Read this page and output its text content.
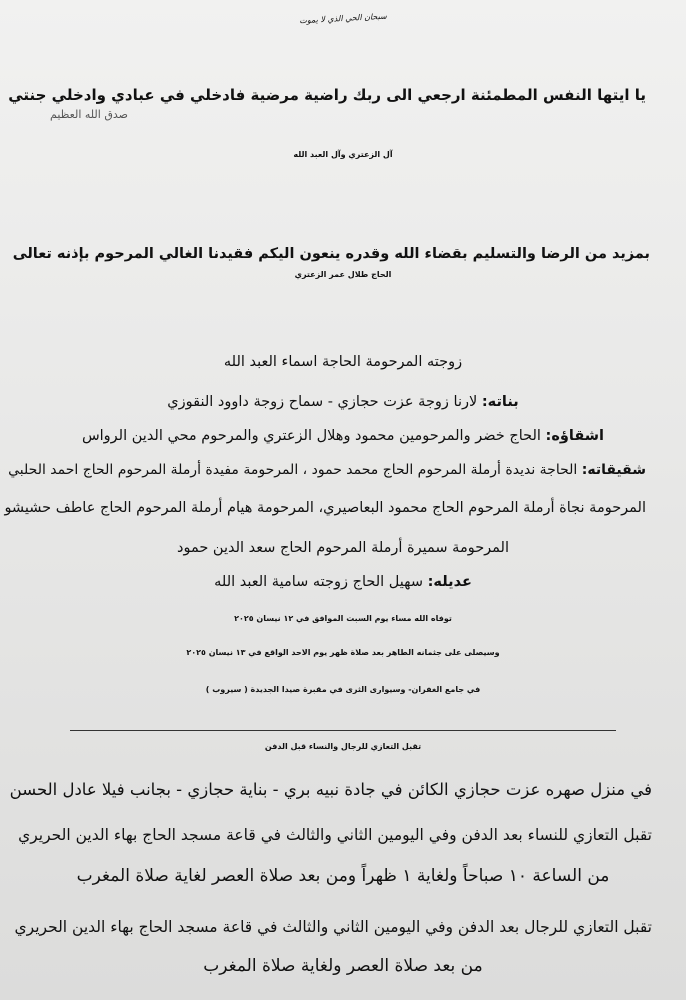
سبحان الحي الذي لا يموت
يا ايتها النفس المطمئنة ارجعي الى ربك راضية مرضية فادخلي في عبادي وادخلي جنتي
صدق الله العظيم
آل الزعتري وآل العبد الله
بمزيد من الرضا والتسليم بقضاء الله وقدره ينعون اليكم فقيدنا الغالي المرحوم بإذنه تعالى
الحاج طلال عمر الزعتري
زوجته المرحومة الحاجة اسماء العبد الله
بناته: لارنا زوجة عزت حجازي - سماح زوجة داوود النقوزي
اشقاؤه: الحاج خضر والمرحومين محمود وهلال الزعتري والمرحوم محي الدين الرواس
شقيقاته: الحاجة نديدة أرملة المرحوم الحاج محمد حمود ، المرحومة مفيدة أرملة المرحوم الحاج احمد الحلبي
المرحومة نجاة أرملة المرحوم الحاج محمود البعاصيري، المرحومة هيام أرملة المرحوم الحاج عاطف حشيشو
المرحومة سميرة أرملة المرحوم الحاج سعد الدين حمود
عديله: سهيل الحاج زوجته سامية العبد الله
توفاه الله مساء يوم السبت الموافق في ١٢ نيسان ٢٠٢٥
وسيصلى على جثمانه الطاهر بعد صلاة ظهر يوم الاحد الواقع في ١٣ نيسان ٢٠٢٥
في جامع الغفران- وسيوارى الثرى في مقبرة صيدا الجديدة ( سيروب )
تقبل التعازي للرجال والنساء قبل الدفن
في منزل صهره عزت حجازي الكائن في جادة نبيه بري - بناية حجازي - بجانب فيلا عادل الحسن
تقبل التعازي للنساء بعد الدفن وفي اليومين الثاني والثالث في قاعة مسجد الحاج بهاء الدين الحريري
من الساعة ١٠ صباحاً ولغاية ١ ظهراً ومن بعد صلاة العصر لغاية صلاة المغرب
تقبل التعازي للرجال بعد الدفن وفي اليومين الثاني والثالث في قاعة مسجد الحاج بهاء الدين الحريري
من بعد صلاة العصر ولغاية صلاة المغرب
